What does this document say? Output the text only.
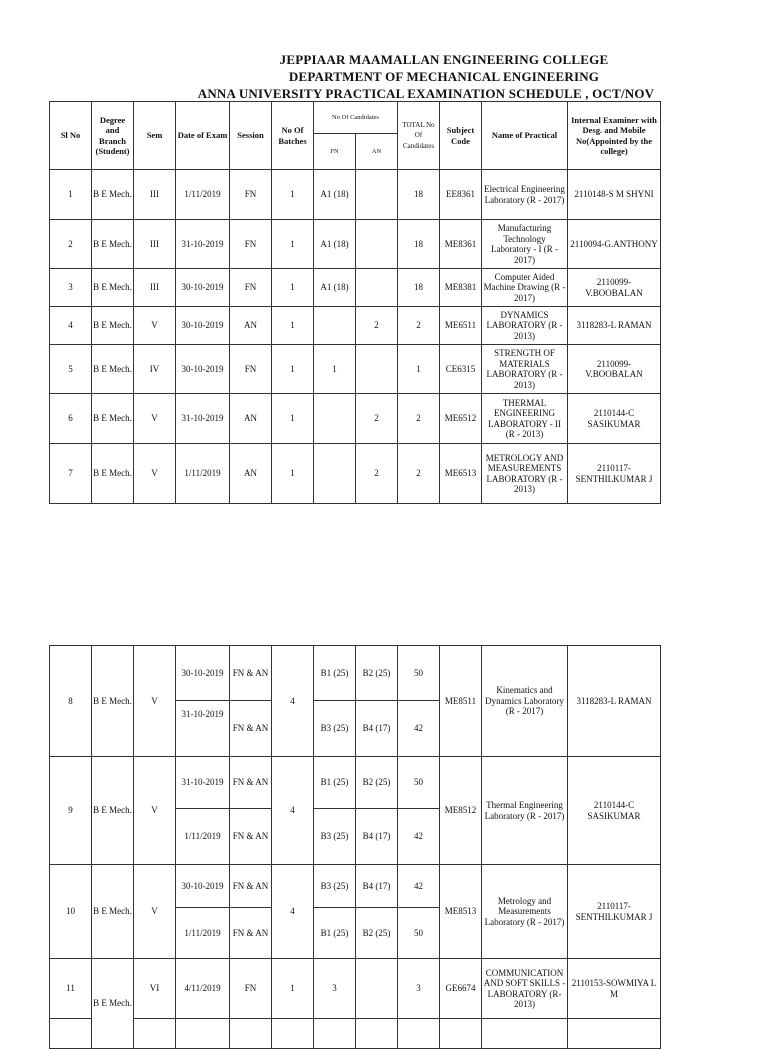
JEPPIAAR MAAMALLAN ENGINEERING COLLEGE
DEPARTMENT OF MECHANICAL ENGINEERING
ANNA UNIVERSITY PRACTICAL EXAMINATION SCHEDULE , OCT/NOV
Sl No	Degree and Branch (Student)	Sem	Date of Exam	Session	No Of Batches	No Of Candidates		TOTAL No Of Candidates	Subject Code	Name of Practical	Internal Examiner with Desg. and Mobile No(Appointed by the college)
						FN	AN				
1	B E Mech.	III	1/11/2019	FN	1	A1 (18)		18	EE8361	Electrical Engineering Laboratory (R - 2017)	2110148-S M SHYNI
2	B E Mech.	III	31-10-2019	FN	1	A1 (18)		18	ME8361	Manufacturing Technology Laboratory - I (R - 2017)	2110094-G.ANTHONY
3	B E Mech.	III	30-10-2019	FN	1	A1 (18)		18	ME8381	Computer Aided Machine Drawing (R - 2017)	2110099-V.BOOBALAN
4	B E Mech.	V	30-10-2019	AN	1		2	2	ME6511	DYNAMICS LABORATORY (R - 2013)	3118283-L RAMAN
5	B E Mech.	IV	30-10-2019	FN	1	1		1	CE6315	STRENGTH OF MATERIALS LABORATORY (R - 2013)	2110099-V.BOOBALAN
6	B E Mech.	V	31-10-2019	AN	1		2	2	ME6512	THERMAL ENGINEERING LABORATORY - II (R - 2013)	2110144-C SASIKUMAR
7	B E Mech.	V	1/11/2019	AN	1		2	2	ME6513	METROLOGY AND MEASUREMENTS LABORATORY (R - 2013)	2110117-SENTHILKUMAR J
8	B E Mech.	V	30-10-2019	FN & AN	4	B1 (25)	B2 (25)	50	ME8511	Kinematics and Dynamics Laboratory (R - 2017)	3118283-L RAMAN
			31-10-2019	FN & AN		B3 (25)	B4 (17)	42			
9	B E Mech.	V	31-10-2019	FN & AN	4	B1 (25)	B2 (25)	50	ME8512	Thermal Engineering Laboratory (R - 2017)	2110144-C SASIKUMAR
			1/11/2019	FN & AN		B3 (25)	B4 (17)	42			
10	B E Mech.	V	30-10-2019	FN & AN	4	B3 (25)	B4 (17)	42	ME8513	Metrology and Measurements Laboratory (R - 2017)	2110117-SENTHILKUMAR J
			1/11/2019	FN & AN		B1 (25)	B2 (25)	50			
11	B E Mech.	VI	4/11/2019	FN	1	3		3	GE6674	COMMUNICATION AND SOFT SKILLS - LABORATORY (R-2013)	2110153-SOWMIYA L M
